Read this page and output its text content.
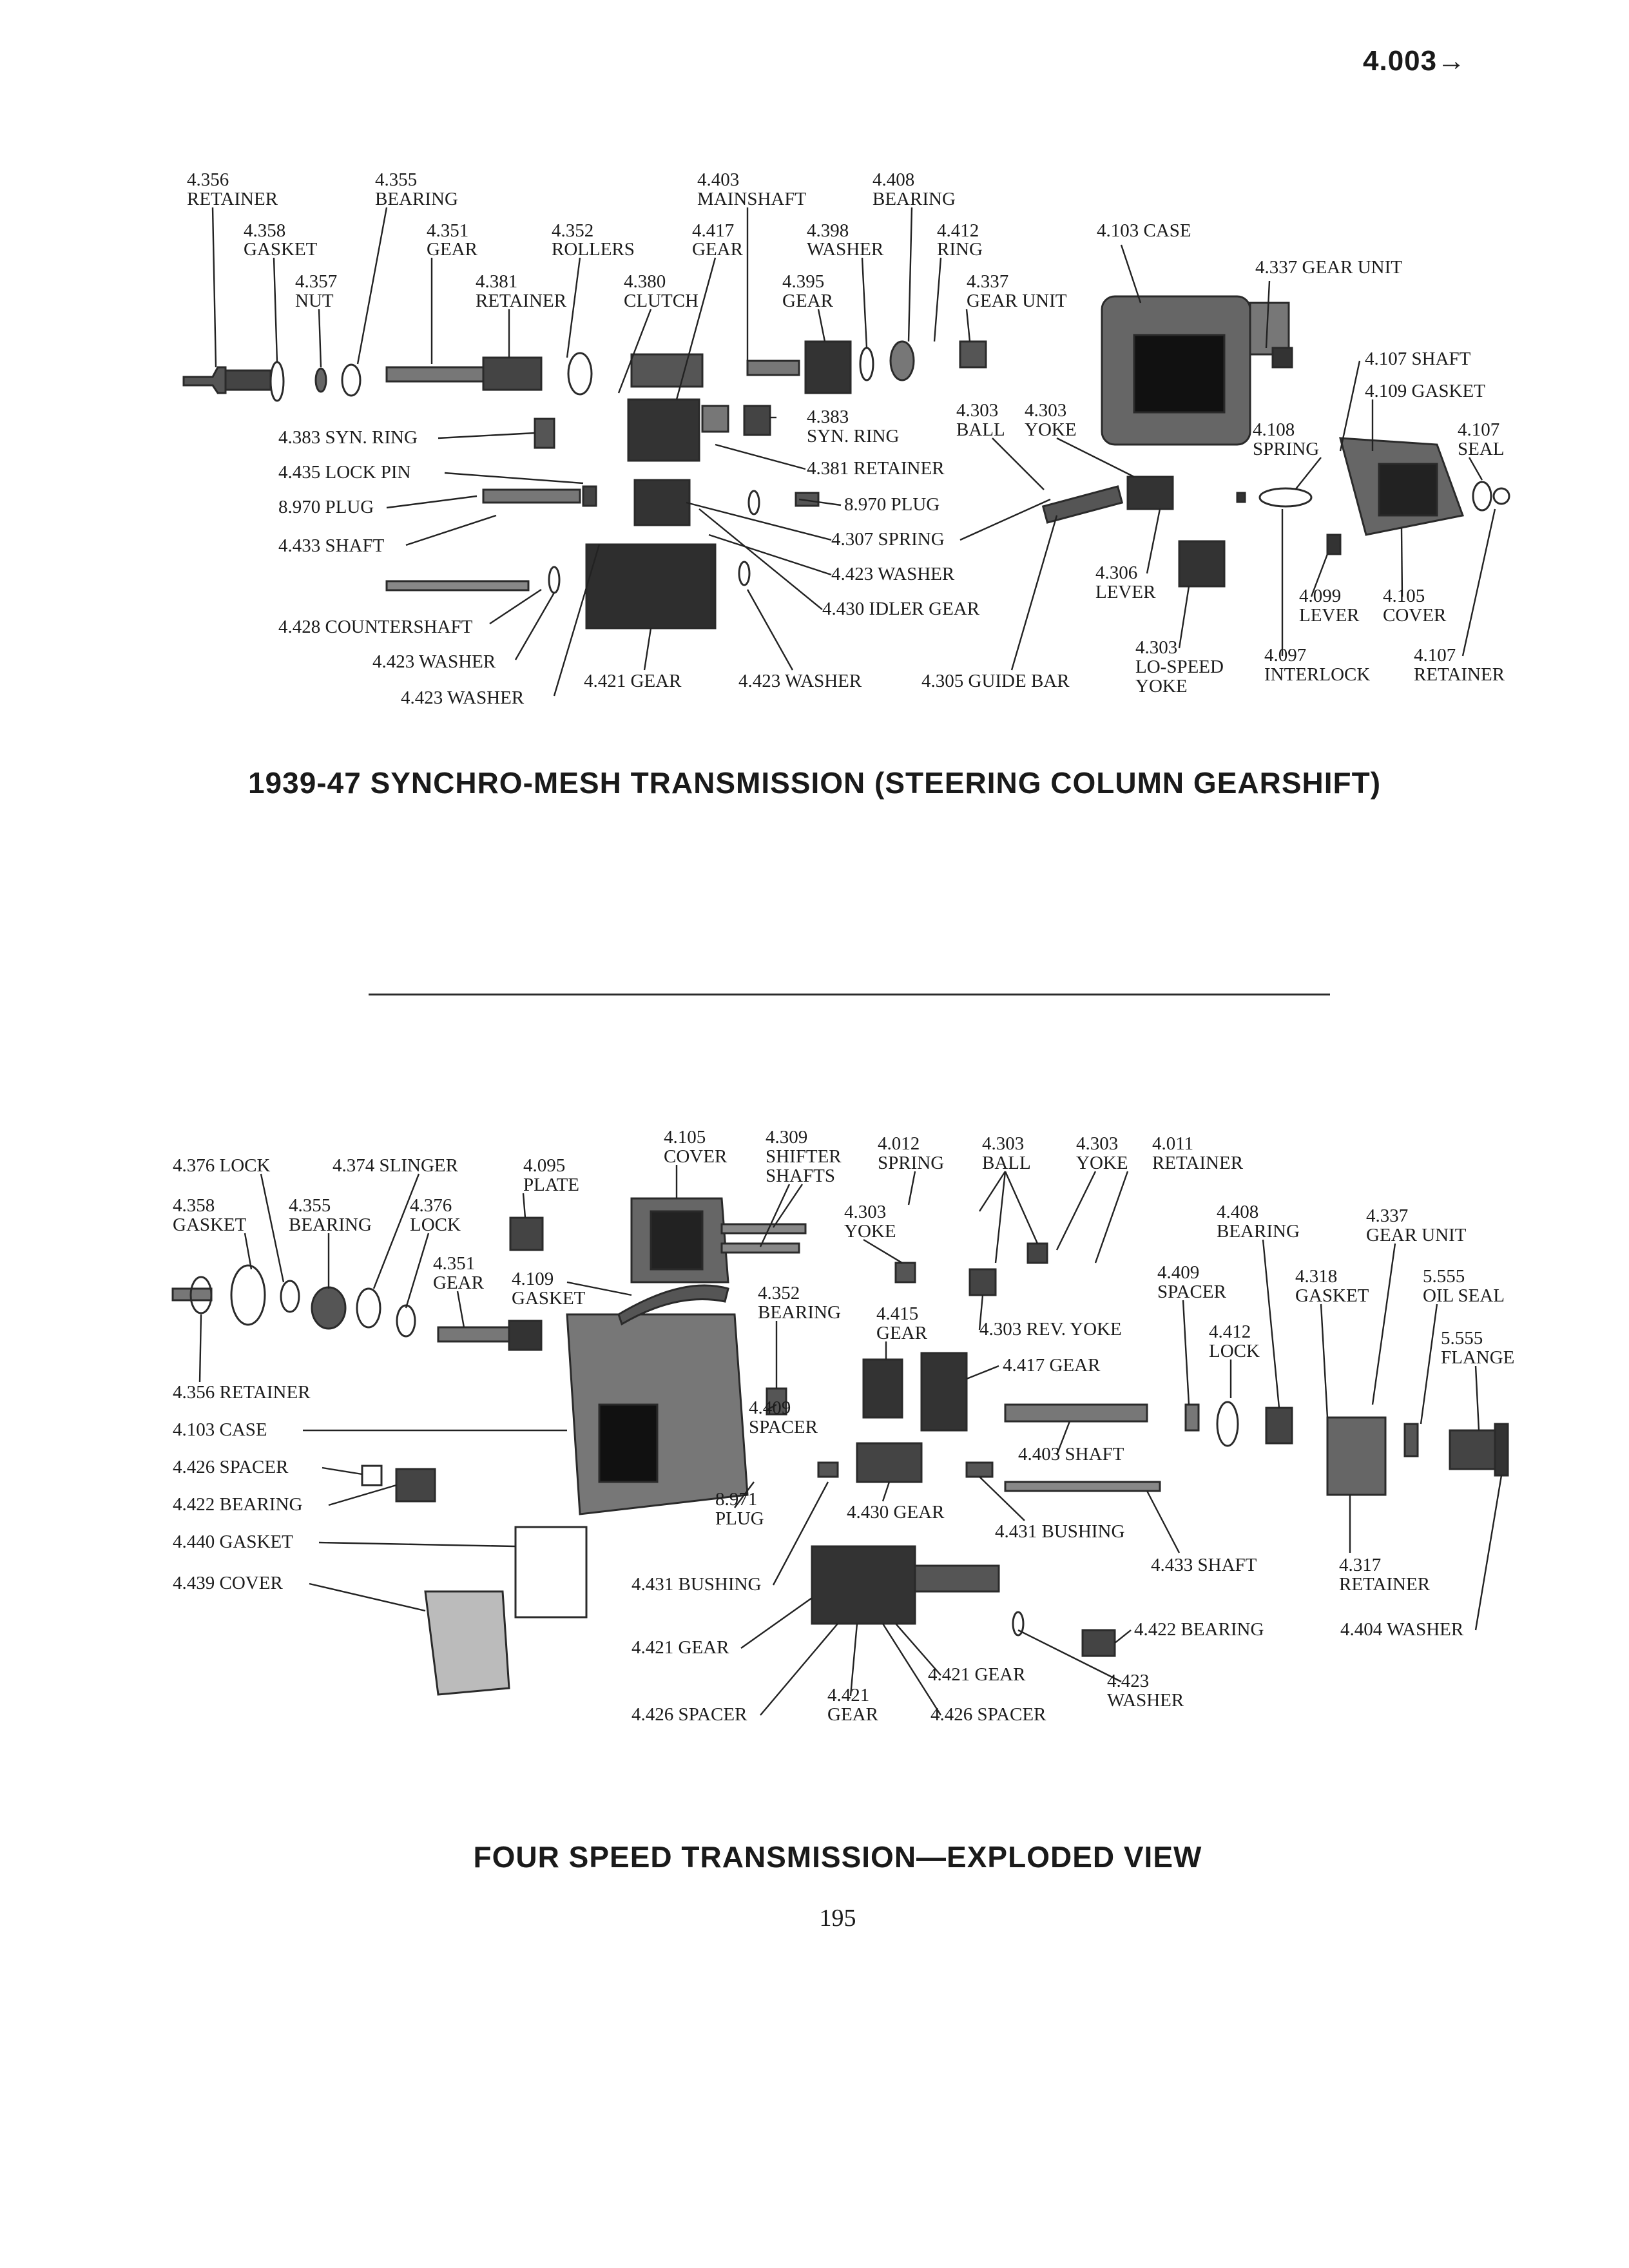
4.003→
4.356
RETAINER
4.355
BEARING
4.358
GASKET
4.351
GEAR
4.352
ROLLERS
4.357
NUT
4.381
RETAINER
4.380
CLUTCH
4.403
MAINSHAFT
4.417
GEAR
4.408
BEARING
4.398
WASHER
4.412
RING
4.395
GEAR
4.337
GEAR UNIT
4.103 CASE
4.337 GEAR UNIT
4.107 SHAFT
4.109 GASKET
4.108
SPRING
4.107
SEAL
4.383 SYN. RING
4.435 LOCK PIN
8.970 PLUG
4.433 SHAFT
4.428 COUNTERSHAFT
4.423 WASHER
4.423 WASHER
4.383
SYN. RING
4.381 RETAINER
8.970 PLUG
4.307 SPRING
4.423 WASHER
4.430 IDLER GEAR
4.421 GEAR	4.423 WASHER	4.305 GUIDE BAR
4.303
BALL
4.303
YOKE
4.306
LEVER
4.303
LO-SPEED
YOKE
4.099
LEVER
4.105
COVER
4.097
INTERLOCK
4.107
RETAINER
1939-47 SYNCHRO-MESH TRANSMISSION (STEERING COLUMN GEARSHIFT)
4.376 LOCK	4.374 SLINGER
4.358
GASKET
4.355
BEARING
4.376
LOCK
4.351
GEAR
4.095
PLATE
4.109
GASKET
4.105
COVER
4.309
SHIFTER
SHAFTS
4.012
SPRING
4.303
BALL
4.303
YOKE
4.011
RETAINER
4.303
YOKE
4.352
BEARING 4.415
GEAR	4.303 REV. YOKE
4.417 GEAR
4.408
BEARING
4.337
GEAR UNIT
4.409
SPACER
4.318
GASKET
5.555
OIL SEAL
4.412
LOCK
5.555
FLANGE
4.356 RETAINER
4.103 CASE
4.426 SPACER
4.422 BEARING
4.440 GASKET
4.439 COVER
4.409
SPACER
4.403 SHAFT
8.971
PLUG	4.430 GEAR
4.431 BUSHING
4.433 SHAFT	4.317
RETAINER
4.431 BUSHING
4.422 BEARING	4.404 WASHER
4.421 GEAR
4.421 GEAR	4.423
WASHER
4.421
GEAR
4.426 SPACER	4.426 SPACER
FOUR SPEED TRANSMISSION—EXPLODED VIEW
195
